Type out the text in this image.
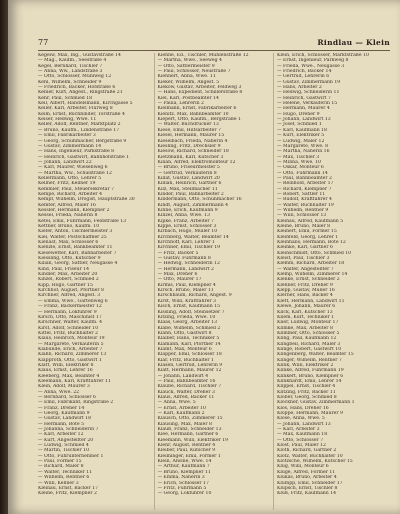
77	Rindlau — Klein
Kegeiw, Max, Ing., Gustavstraße 14
— Mag., Kaufm., Seestraße 4
Kegel, Bernhard, Tischler 7
— Anna, Ww., Landstraße 3
— Otto, Schlosser, Mühlweg 12
Kehl, Wilhelm, Schneider 9
— Friedrich, Bäcker, Hofstraße 6
Kehler, Kurt, Angest., Ringstraße 21
Kehr, Paul, Schmied 18
Keil, Albert, Handelsmann, Kirchgasse 5
Keiler, Karl, Arbeiter, Flurweg 8
Keim, Ernst, Buchbinder, Torstraße 4
Keiser, Hedwig, Wwe. 11
Keller, Adolf, Rentner, Marktplatz 2
— Bruno, Kaufm., Lindenstraße 17
— Emil, Fabrikarbeiter 3
— Georg, Schuhmacher, Bergstraße 9
— Gustav, Zimmermann 14
— Hans, Ingenieur, Parkstraße 8
— Heinrich, Gastwirt, Bahnhofstraße 1
— Johann, Landwirt 22
— Karl, Maurer, Wiesenweg 6
— Martha, Ww., Schulstraße 12
Kellermann, Otto, Lehrer 5
Kellner, Fritz, Kellner 19
Kemmler, Paul, Steuersekretär 7
Kempe, Richard, Arbeiter 4
Kempf, Wilhelm, Drogist, Hauptstraße 30
Kemter, Alfred, Maler 16
Kessler, Hermann, Klempner 2
Kessel, Frieda, Näherin 8
Ketel, Emil, Fuhrmann, Feldstraße 13
Kettner, Bruno, Kaufm. 10
Kiefer, Anton, Tischlermeister 3
Kiel, Walter, Postschaffner 25
Kienast, Max, Schlosser 6
Kienzle, Ernst, Bankbeamter 11
Kiesewetter, Karl, Bahnarbeiter 7
Kiessling, Otto, Kutscher 9
Kilian, Georg, Sattler, Neugasse 4
Kind, Paul, Friseur 14
Kindler, Max, Arbeiter 20
Kinzel, Robert, Schmied 2
Kipp, Hugo, Gärtner 15
Kirchhof, August, Pförtner 8
Kirchner, Alfred, Angest. 3
— Emma, Wwe., Gartenweg 6
— Franz, Bäckermeister 12
— Hermann, Lokführer 9
Kirsch, Otto, Maschinist 17
Kirschner, Walter, Kaufm. 4
Kirst, Adolf, Schneider 10
Kittel, Fritz, Buchhalter 2
Klaus, Heinrich, Monteur 19
— Margarete, Verkäuferin 5
Klabunde, Erich, Arbeiter 7
Klahn, Richard, Zimmerer 13
Klapproth, Otto, Gastwirt 1
Klatt, Willi, Elektriker 8
Klaus, Ernst, Lehrer 16
Kleeberg, Max, Beamter 4
Kleemann, Karl, Kraftfahrer 11
Klein, Adolf, Maurer 3
— Anna, Wwe. 22
— Bernhard, Schlosser 6
— Emil, Fabrikant, Ringstraße 2
— Franz, Dreher 14
— Georg, Kaufmann 9
— Gustav, Landwirt 18
— Hermann, Bote 5
— Johanna, Schneiderin 7
— Karl, Arbeiter 12
— Kurt, Angestellter 20
— Ludwig, Schmied 4
— Martin, Tischler 10
— Otto, Fuhrunternehmer 1
— Paul, Former 15
— Richard, Maler 8
— Walter, Techniker 11
— Wilhelm, Rentner 6
— Willi, Kellner 3
Kleinau, Ernst, Bäcker 17
Kleine, Fritz, Klempner 2
Kiehne, Ed., Tischler, Mühlenstraße 12
— Martha, Wwe., Seeweg 4
— Otto, Sattlermeister 9
— Paul, Schlosser, Neustraße 7
Kiehnert, Anna, Wwe. 11
Kieker, Wilhelm, Angest. 5
Kiekow, Gustav, Arbeiter, Feldweg 3
— Hans, Expedient, Schillerstraße 8
Kiel, Karl, Postbeamter 14
— Paula, Lehrerin 2
Kielmann, Ernst, Fabrikarbeiter 6
Kienitz, Max, Bahnbeamter 10
Kiepert, Otto, Kaufm., Bergstraße 1
— Walter, Buchdrucker 13
Kiese, Emil, Hilfsarbeiter 7
Kiesel, Hermann, Maurer 15
Kieselbach, Frieda, Näherin 4
Kiesling, Fritz, Drechsler 9
Kiesow, Richard, Schneider 18
Kietzmann, Karl, Kutscher 3
Kilian, Alfred, Elektromonteur 12
— Bruno, Friseurmeister 5
— Gertrud, Verkäuferin 8
Killat, Gustav, Landwirt 20
Killian, Heinrich, Gärtner 6
Kilz, Max, Stellmacher 11
Kinder, Paul, Bahnarbeiter 2
Kindermann, Otto, Schuhmacher 16
Kindt, August, Zimmermann 4
Kinne, Erich, Kaufmann 9
Kinzel, Anna, Wwe. 13
Kipke, Franz, Arbeiter 7
Kippe, Ernst, Schlosser 3
Kirbach, Hugo, Müller 10
Kirchberg, Walter, Beamter 14
Kirchhoff, Karl, Lehrer 1
Kirchner, Emil, Tischler 19
— Fritz, Bäcker 5
— Gustav, Fuhrmann 8
— Hedwig, Schneiderin 12
— Hermann, Landwirt 2
— Max, Dreher 6
— Otto, Maurer 17
Kirmis, Paul, Klempner 4
Kirsch, Bruno, Maler 11
Kirschbaum, Richard, Angest. 9
Kirst, Willi, Kraftfahrer 3
Kisch, Ernst, Kaufmann 15
Kissling, Adolf, Steinsetzer 7
Kitzing, Frieda, Wwe. 10
Klaas, Georg, Arbeiter 13
Klabe, Wilhelm, Schmied 2
Klähn, Otto, Gastwirt 8
Klaiber, Hans, Techniker 5
Klamann, Karl, Pförtner 14
Klamt, Max, Monteur 6
Klapper, Emil, Schlosser 18
Klar, Fritz, Buchhalter 1
Klasen, Gertrud, Lehrerin 9
Klatt, Hermann, Maurer 12
— Johann, Landwirt 4
— Paul, Bahnbeamter 16
Klaube, Richard, Tischler 7
Klauck, Walter, Dreher 3
Klaus, Alfred, Bäcker 11
— Anna, Wwe. 5
— Ernst, Arbeiter 10
— Karl, Kaufmann 2
Klausch, Otto, Zimmerer 15
Klausing, Max, Maler 8
Klauß, Franz, Schneider 13
Klee, Hermann, Gärtner 6
Kleemann, Willi, Elektriker 19
Klehr, August, Rentner 4
Kleiber, Paul, Kutscher 9
Kleiminger, Emil, Former 1
Klein, Alwine, Wwe. 14
— Arthur, Kaufmann 7
— Bruno, Klempner 11
— Emma, Näherin 3
— Erich, Schlosser 17
— Fritz, Fuhrmann 5
— Georg, Lokführer 10
Klein, Erich, Schlosser, Marktstraße 10
— Ernst, Ingenieur, Parkweg 8
— Frieda, Wwe., Neugasse 3
— Friedrich, Bäcker 14
— Gertrud, Lehrerin 6
— Gustav, Zimmermann 19
— Hans, Arbeiter 2
— Hedwig, Schneiderin 11
— Heinrich, Gastwirt 7
— Helene, Verkäuferin 15
— Hermann, Maurer 4
— Hugo, Dreher 9
— Johann, Landwirt 13
— Josef, Schmied 1
— Karl, Kaufmann 18
— Kurt, Elektriker 5
— Ludwig, Maler 12
— Margarete, Wwe. 8
— Martha, Näherin 16
— Max, Tischler 3
— Minna, Wwe. 10
— Oskar, Monteur 6
— Otto, Fuhrmann 14
— Paul, Bahnbeamter 2
— Reinhold, Arbeiter 17
— Richard, Klempner 7
— Robert, Sattler 11
— Rudolf, Kraftfahrer 4
— Walter, Buchhalter 19
— Wilhelm, Rentner 9
— Willi, Schlosser 13
Kleinau, Alfred, Kaufmann 5
Kleine, Bruno, Maler 8
Kleinert, Emil, Former 15
Kleinfeld, Georg, Lehrer 1
Kleinhans, Hermann, Bote 12
Kleinke, Karl, Gärtner 6
Kleinschmidt, Otto, Schmied 10
Kleist, Paul, Tischler 3
Klemm, Richard, Arbeiter 18
— Walter, Angestellter 7
Klemp, Wilhelm, Zimmerer 14
Klenke, Ernst, Schneider 2
Klenner, Fritz, Dreher 9
Klepp, Gustav, Müller 16
Klerner, Hans, Bäcker 4
Klett, Hermann, Landwirt 11
Klewe, Johann, Maurer 6
Klick, Karl, Kutscher 13
Kliem, Kurt, Techniker 1
Klier, Ludwig, Monteur 17
Klimke, Max, Arbeiter 8
Klimmer, Otto, Schlosser 5
Kling, Paul, Kaufmann 12
Klingbeil, Richard, Maler 3
Klinge, Robert, Gastwirt 10
Klingenberg, Walter, Beamter 15
Klinger, Wilhelm, Rentner 7
Klink, Willi, Elektriker 2
Klinke, Alfred, Fuhrmann 19
Klinkert, Bruno, Klempner 6
Klinkhardt, Emil, Lehrer 14
Klippel, Ernst, Tischler 4
Klitzing, Fritz, Bäcker 11
Klöber, Georg, Schmied 8
Klöckner, Gustav, Zimmermann 1
Klös, Hans, Dreher 16
Kloppe, Hermann, Maurer 9
Klose, Anna, Wwe. 5
— Johann, Landwirt 13
— Karl, Arbeiter 3
— Max, Kaufmann 18
— Otto, Schlosser 7
Klost, Paul, Maler 12
Kloth, Richard, Gärtner 2
Klotz, Walter, Buchhalter 10
Klotzsche, Wilhelm, Kutscher 15
Klug, Willi, Monteur 6
Kluge, Alfred, Former 11
Klukas, Bruno, Arbeiter 4
Klumpp, Emil, Schneider 17
Klupsch, Ernst, Tischler 8
Klüß, Fritz, Kaufmann 14
